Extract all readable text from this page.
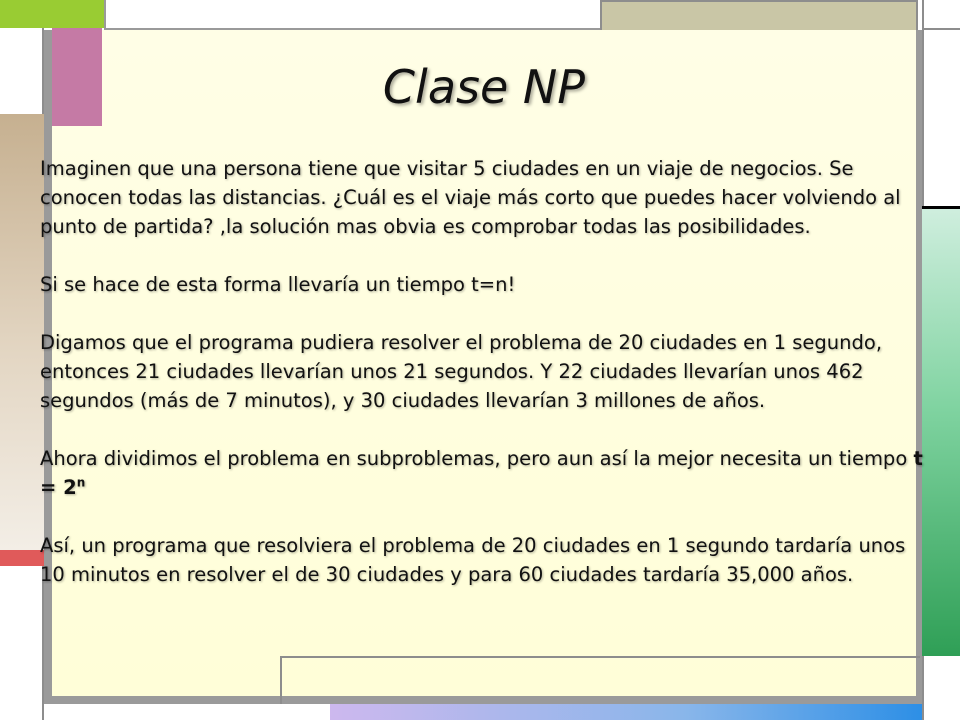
Clase NP

Imaginen que una persona tiene que visitar 5 ciudades en un viaje de negocios. Se conocen todas las distancias. ¿Cuál es el viaje más corto que puedes hacer volviendo al punto de partida? ,la solución mas obvia es comprobar todas las posibilidades.

Si se hace de esta forma llevaría un tiempo t=n!

Digamos que el programa pudiera resolver el problema de 20 ciudades en 1 segundo, entonces 21 ciudades llevarían unos 21 segundos. Y 22 ciudades llevarían unos 462 segundos (más de 7 minutos), y 30 ciudades llevarían 3 millones de años.

Ahora dividimos el problema en subproblemas, pero aun así la mejor necesita un tiempo $t = 2^n$

Así, un programa que resolviera el problema de 20 ciudades en 1 segundo tardaría unos 10 minutos en resolver el de 30 ciudades y para 60 ciudades tardaría 35,000 años.
